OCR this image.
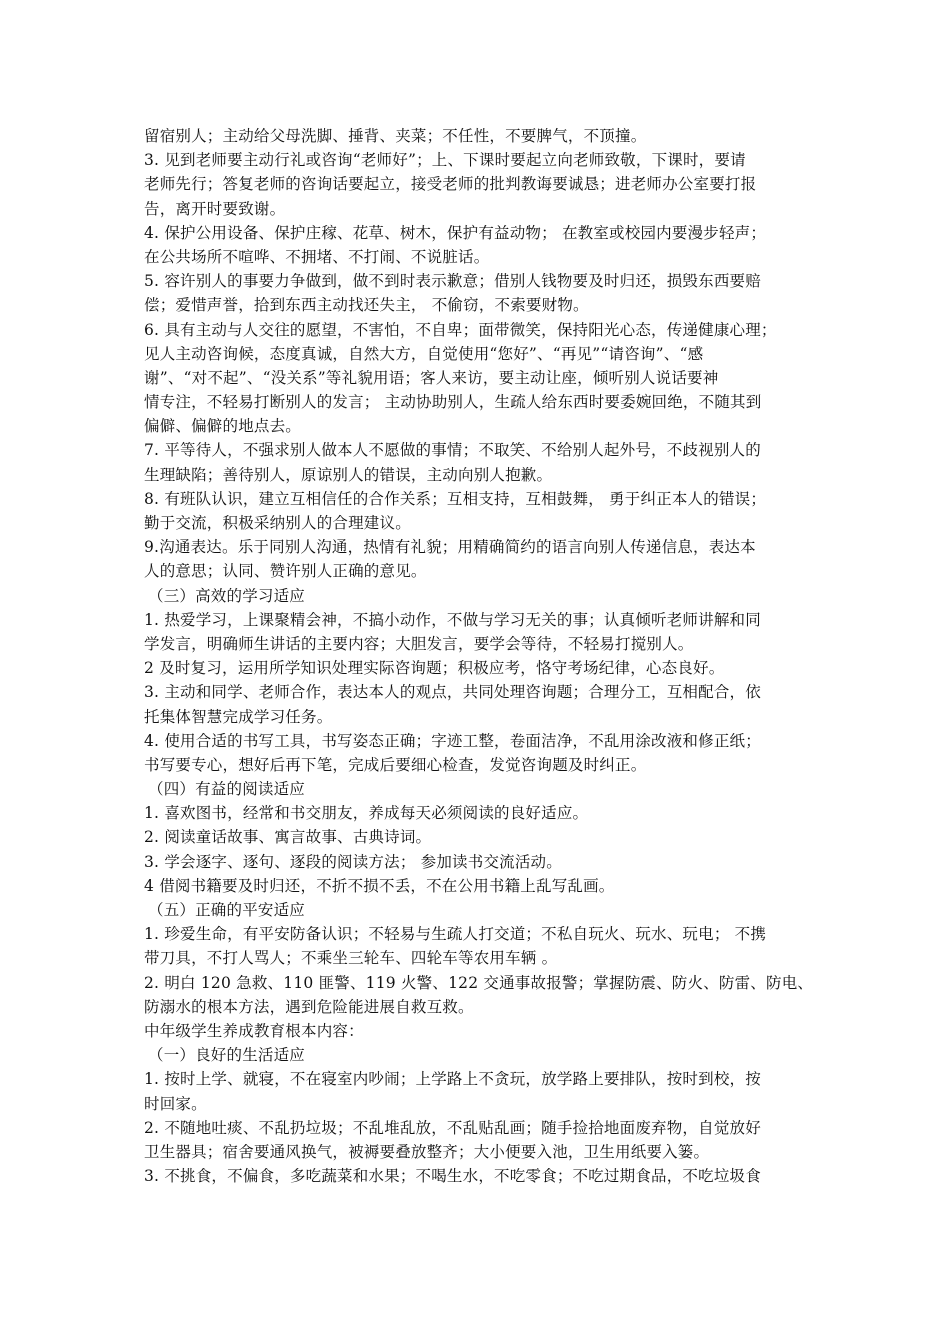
留宿别人；主动给父母洗脚、捶背、夹菜；不任性，不要脾气，不顶撞。
3. 见到老师要主动行礼或咨询“老师好”；上、下课时要起立向老师致敬，下课时，要请
老师先行；答复老师的咨询话要起立，接受老师的批判教诲要诚恳；进老师办公室要打报
告，离开时要致谢。
4. 保护公用设备、保护庄稼、花草、树木，保护有益动物； 在教室或校园内要漫步轻声；
在公共场所不喧哗、不拥堵、不打闹、不说脏话。
5. 容许别人的事要力争做到，做不到时表示歉意；借别人钱物要及时归还，损毁东西要赔
偿；爱惜声誉，拾到东西主动找还失主， 不偷窃，不索要财物。
6. 具有主动与人交往的愿望，不害怕，不自卑；面带微笑，保持阳光心态，传递健康心理；
见人主动咨询候，态度真诚，自然大方，自觉使用“您好”、“再见”“请咨询”、“感
谢”、“对不起”、“没关系”等礼貌用语；客人来访，要主动让座，倾听别人说话要神
情专注，不轻易打断别人的发言； 主动协助别人，生疏人给东西时要委婉回绝，不随其到
偏僻、偏僻的地点去。
7. 平等待人，不强求别人做本人不愿做的事情；不取笑、不给别人起外号，不歧视别人的
生理缺陷；善待别人，原谅别人的错误，主动向别人抱歉。
8. 有班队认识，建立互相信任的合作关系；互相支持，互相鼓舞， 勇于纠正本人的错误；
勤于交流，积极采纳别人的合理建议。
9.沟通表达。乐于同别人沟通，热情有礼貌；用精确简约的语言向别人传递信息，表达本
人的意思；认同、赞许别人正确的意见。
（三）高效的学习适应
1. 热爱学习，上课聚精会神，不搞小动作，不做与学习无关的事；认真倾听老师讲解和同
学发言，明确师生讲话的主要内容；大胆发言，要学会等待，不轻易打搅别人。
2 及时复习，运用所学知识处理实际咨询题；积极应考，恪守考场纪律，心态良好。
3. 主动和同学、老师合作，表达本人的观点，共同处理咨询题；合理分工，互相配合，依
托集体智慧完成学习任务。
4. 使用合适的书写工具，书写姿态正确；字迹工整，卷面洁净，不乱用涂改液和修正纸；
书写要专心，想好后再下笔，完成后要细心检查，发觉咨询题及时纠正。
（四）有益的阅读适应
1. 喜欢图书，经常和书交朋友，养成每天必须阅读的良好适应。
2. 阅读童话故事、寓言故事、古典诗词。
3. 学会逐字、逐句、逐段的阅读方法； 参加读书交流活动。
4 借阅书籍要及时归还，不折不损不丢，不在公用书籍上乱写乱画。
（五）正确的平安适应
1. 珍爱生命，有平安防备认识；不轻易与生疏人打交道；不私自玩火、玩水、玩电； 不携
带刀具，不打人骂人；不乘坐三轮车、四轮车等农用车辆 。
2. 明白 120 急救、110 匪警、119 火警、122 交通事故报警；掌握防震、防火、防雷、防电、
防溺水的根本方法，遇到危险能进展自救互救。
中年级学生养成教育根本内容：
（一）良好的生活适应
1. 按时上学、就寝，不在寝室内吵闹；上学路上不贪玩，放学路上要排队，按时到校，按
时回家。
2. 不随地吐痰、不乱扔垃圾；不乱堆乱放，不乱贴乱画；随手捡拾地面废弃物，自觉放好
卫生器具；宿舍要通风换气，被褥要叠放整齐；大小便要入池，卫生用纸要入篓。
3. 不挑食，不偏食，多吃蔬菜和水果；不喝生水，不吃零食；不吃过期食品，不吃垃圾食
